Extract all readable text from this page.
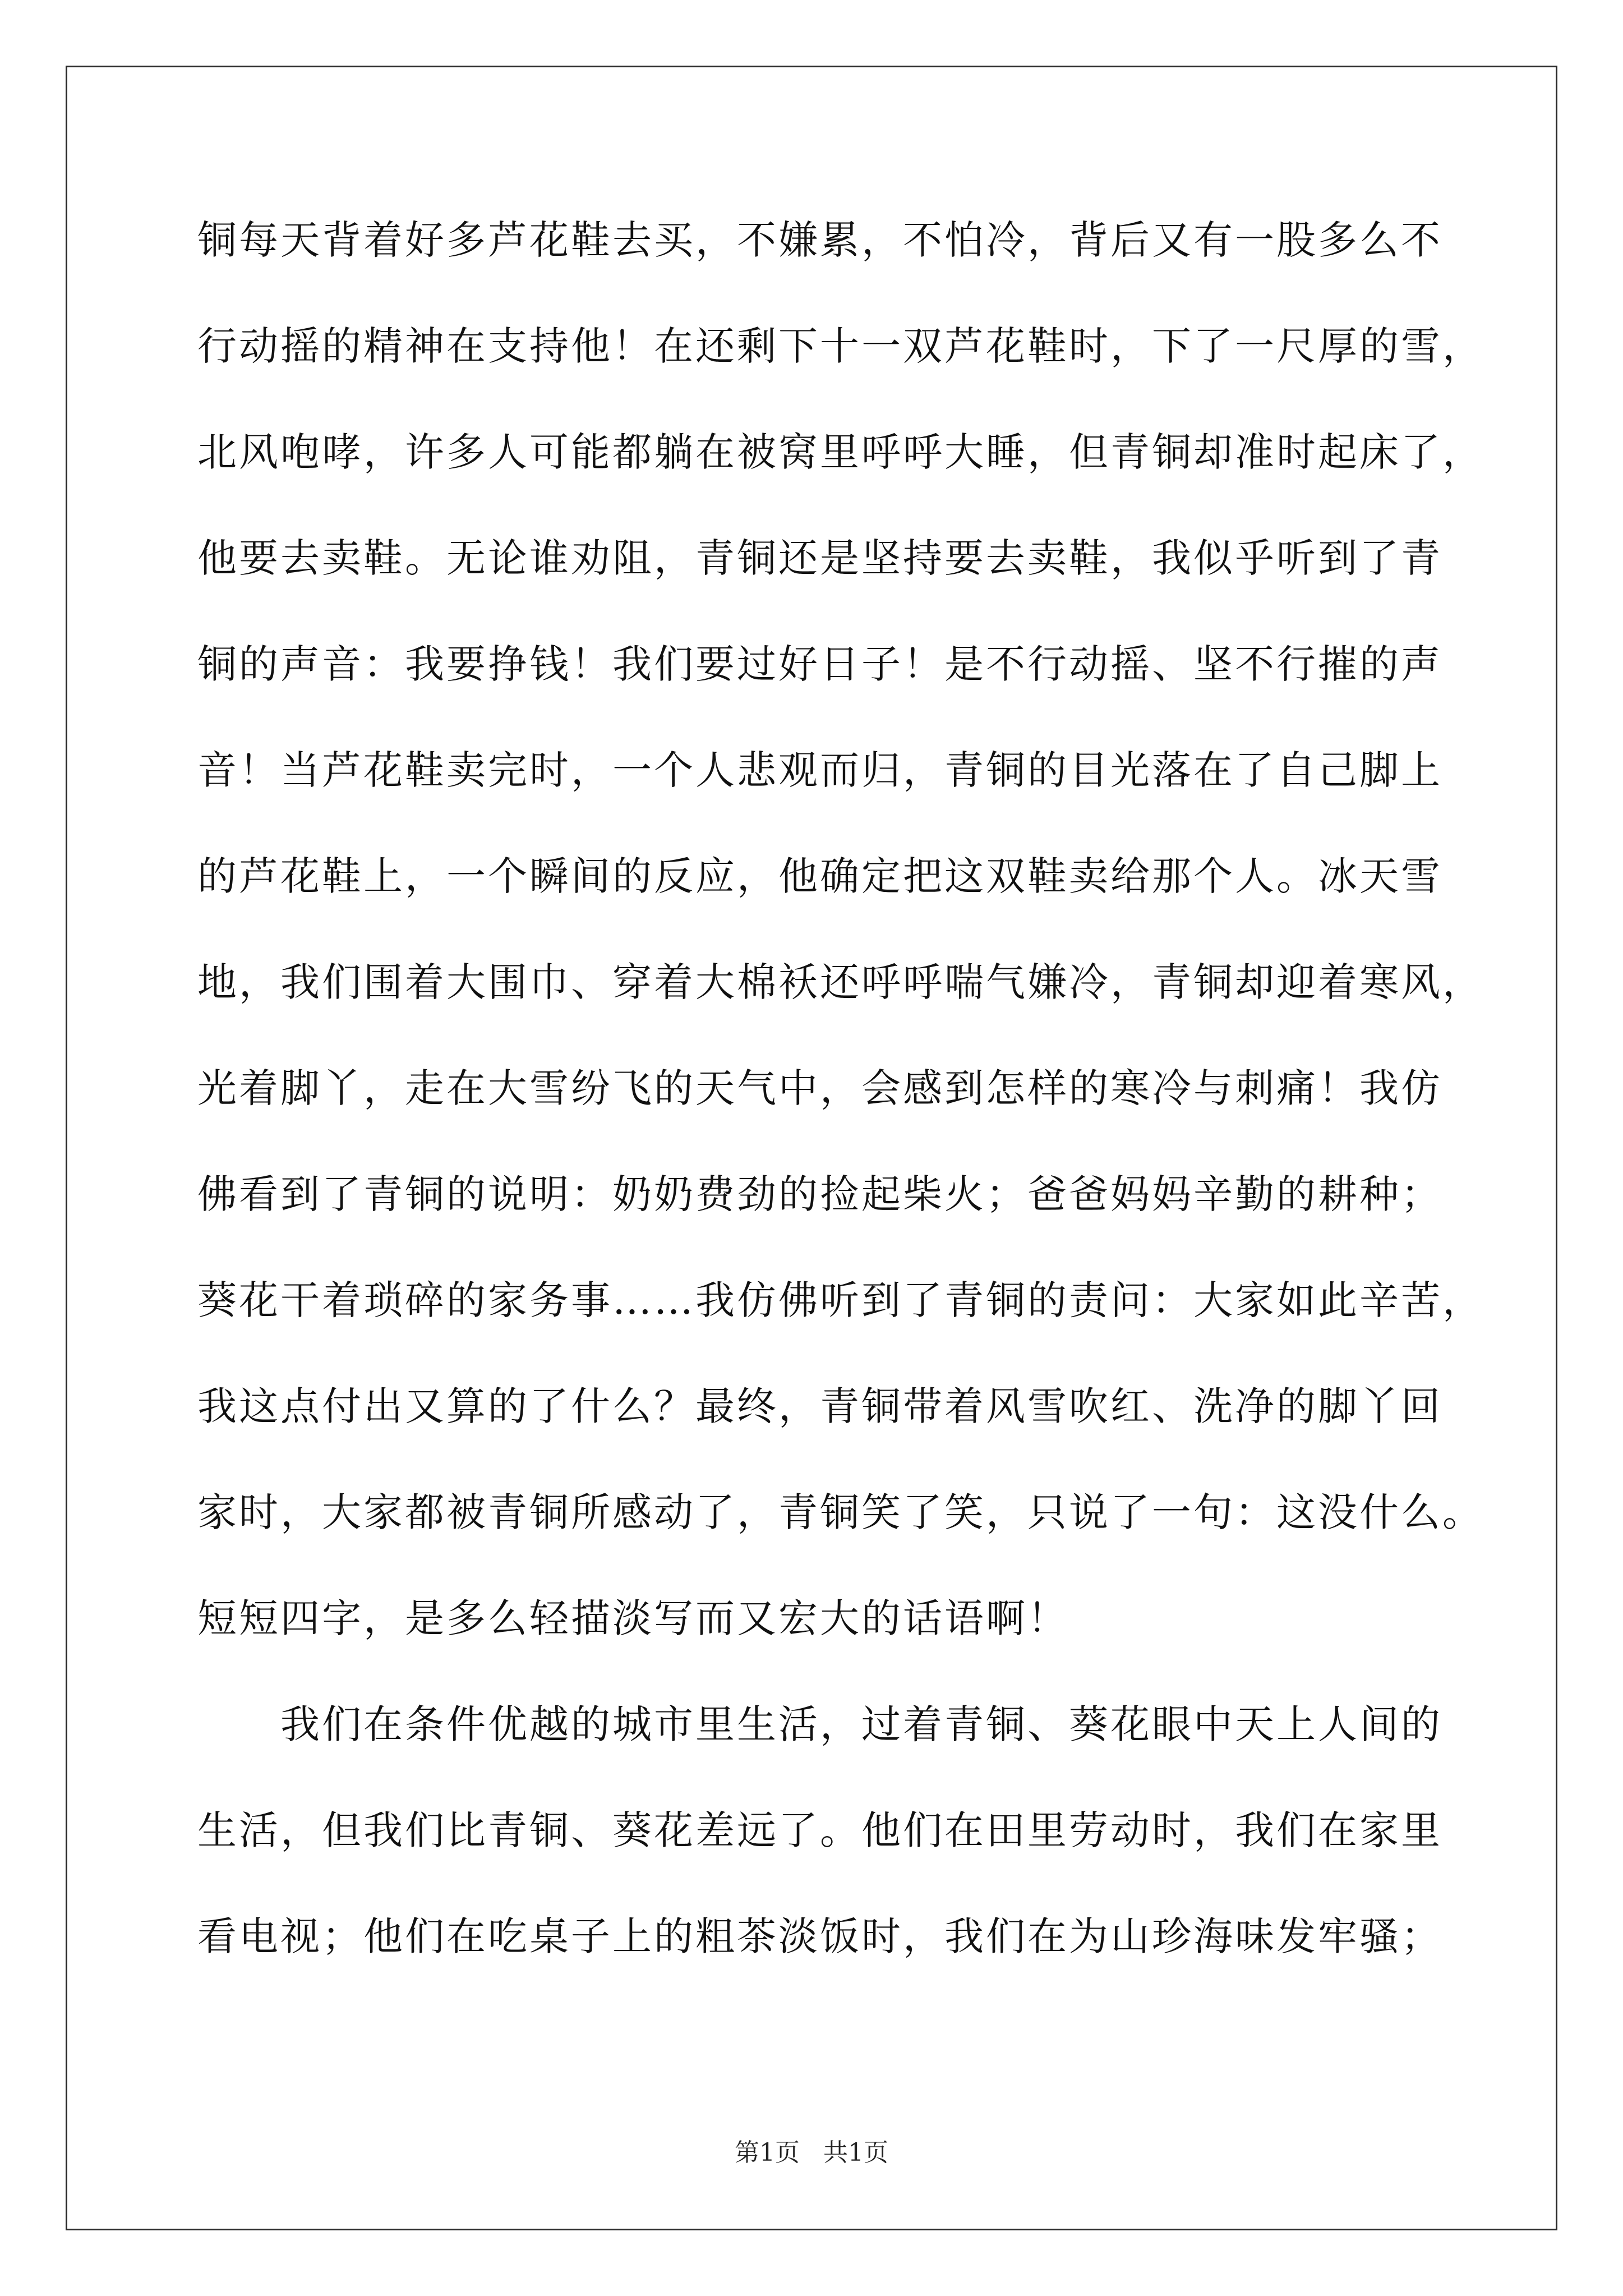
铜每天背着好多芦花鞋去买，不嫌累，不怕冷，背后又有一股多么不
行动摇的精神在支持他！在还剩下十一双芦花鞋时，下了一尺厚的雪，
北风咆哮，许多人可能都躺在被窝里呼呼大睡，但青铜却准时起床了，
他要去卖鞋。无论谁劝阻，青铜还是坚持要去卖鞋，我似乎听到了青
铜的声音：我要挣钱！我们要过好日子！是不行动摇、坚不行摧的声
音！当芦花鞋卖完时，一个人悲观而归，青铜的目光落在了自己脚上
的芦花鞋上，一个瞬间的反应，他确定把这双鞋卖给那个人。冰天雪
地，我们围着大围巾、穿着大棉袄还呼呼喘气嫌冷，青铜却迎着寒风，
光着脚丫，走在大雪纷飞的天气中，会感到怎样的寒冷与刺痛！我仿
佛看到了青铜的说明：奶奶费劲的捡起柴火；爸爸妈妈辛勤的耕种；
葵花干着琐碎的家务事……我仿佛听到了青铜的责问：大家如此辛苦，
我这点付出又算的了什么？最终，青铜带着风雪吹红、洗净的脚丫回
家时，大家都被青铜所感动了，青铜笑了笑，只说了一句：这没什么。
短短四字，是多么轻描淡写而又宏大的话语啊！
　　我们在条件优越的城市里生活，过着青铜、葵花眼中天上人间的
生活，但我们比青铜、葵花差远了。他们在田里劳动时，我们在家里
看电视；他们在吃桌子上的粗茶淡饭时，我们在为山珍海味发牢骚；
第1页   共1页
